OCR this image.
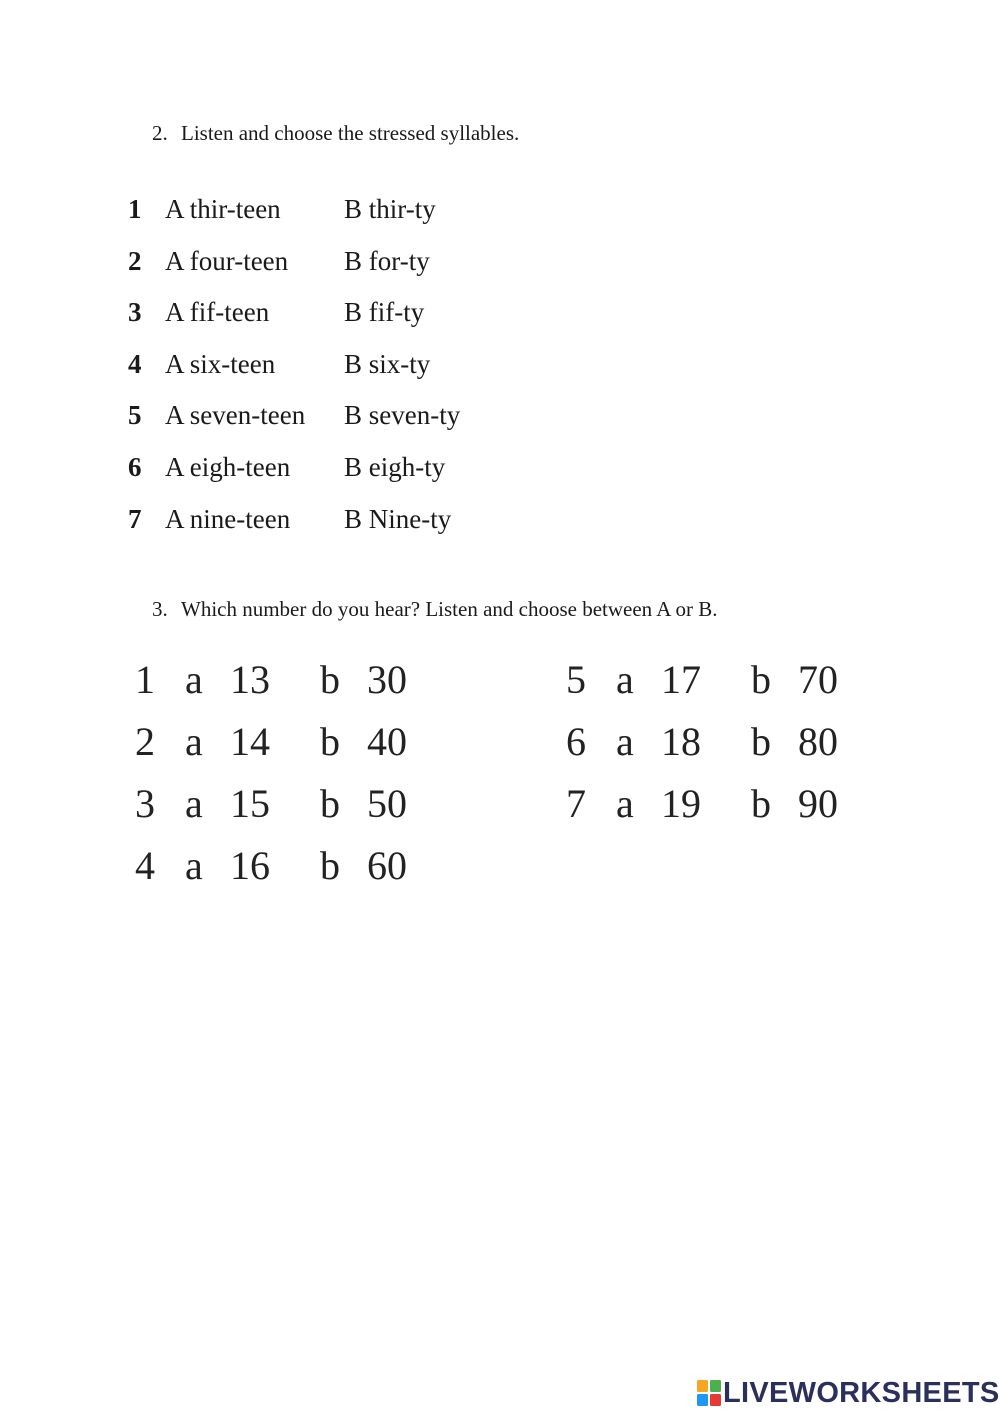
2. Listen and choose the stressed syllables.
1 A thir-teen B thir-ty
2 A four-teen B for-ty
3 A fif-teen	B fif-ty
4 A six-teen	B six-ty
5 A seven-teen B seven-ty
6 A eigh-teen B eigh-ty
7 A nine-teen B Nine-ty
3. Which number do you hear? Listen and choose between A or B.
1 a 13 b 30
2 a 14 b 40
3 a 15 b 50
4 a 16 b 60
5 a 17 b 70
6 a 18 b 80
7 a 19 b 90
LIVEWORKSHEETS
